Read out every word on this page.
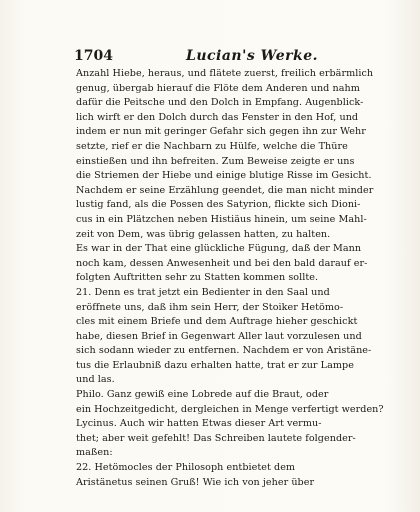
1704	Lucian's Werke.
Anzahl Hiebe, heraus, und flätete zuerst, freilich erbärmlich
genug, übergab hierauf die Flöte dem Anderen und nahm
dafür die Peitsche und den Dolch in Empfang. Augenblick-
lich wirft er den Dolch durch das Fenster in den Hof, und
indem er nun mit geringer Gefahr sich gegen ihn zur Wehr
setzte, rief er die Nachbarn zu Hülfe, welche die Thüre
einstießen und ihn befreiten. Zum Beweise zeigte er uns
die Striemen der Hiebe und einige blutige Risse im Gesicht.
Nachdem er seine Erzählung geendet, die man nicht minder
lustig fand, als die Possen des Satyrion, flickte sich Dioni-
cus in ein Plätzchen neben Histiäus hinein, um seine Mahl-
zeit von Dem, was übrig gelassen hatten, zu halten.
Es war in der That eine glückliche Fügung, daß der Mann
noch kam, dessen Anwesenheit und bei den bald darauf er-
folgten Auftritten sehr zu Statten kommen sollte.
21. Denn es trat jetzt ein Bedienter in den Saal und
eröffnete uns, daß ihm sein Herr, der Stoiker Hetömo-
cles mit einem Briefe und dem Auftrage hieher geschickt
habe, diesen Brief in Gegenwart Aller laut vorzulesen und
sich sodann wieder zu entfernen. Nachdem er von Aristäne-
tus die Erlaubniß dazu erhalten hatte, trat er zur Lampe
und las.
Philo. Ganz gewiß eine Lobrede auf die Braut, oder
ein Hochzeitgedicht, dergleichen in Menge verfertigt werden?
Lycinus. Auch wir hatten Etwas dieser Art vermu-
thet; aber weit gefehlt! Das Schreiben lautete folgender-
maßen:
22. Hetömocles der Philosoph entbietet dem
Aristänetus seinen Gruß! Wie ich von jeher über
